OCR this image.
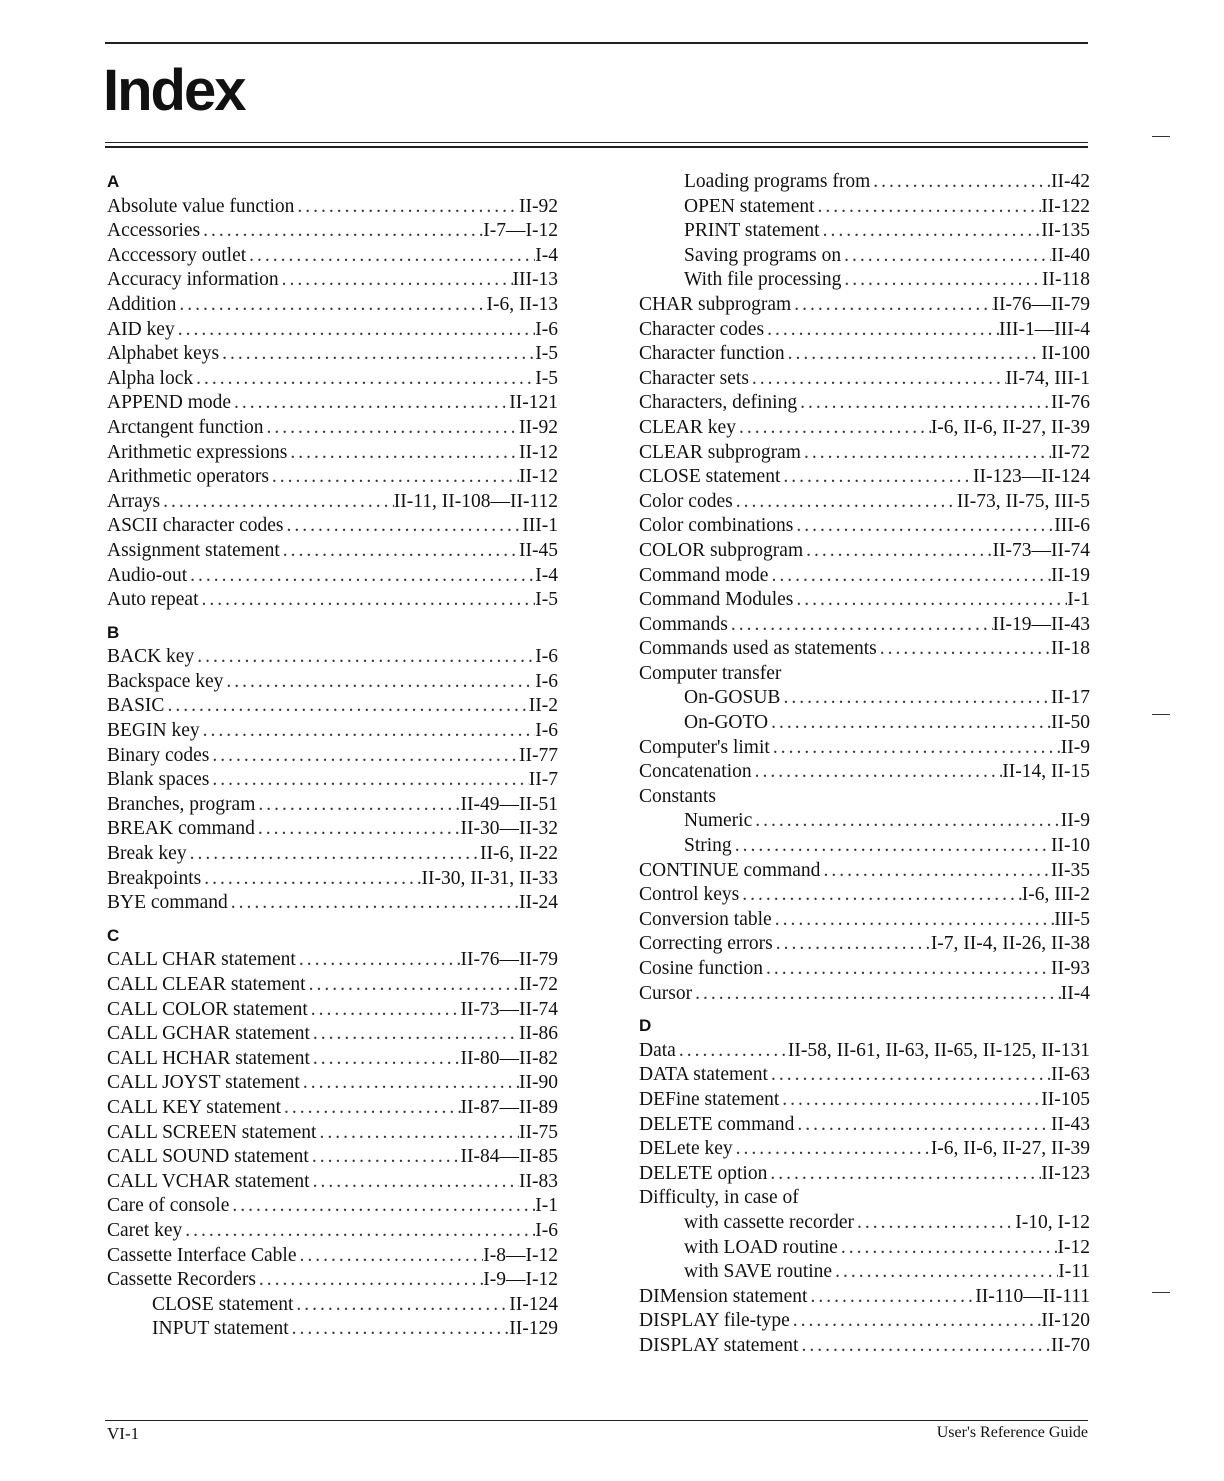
Index
A
Absolute value function .....	II-92
Accessories .....	I-7—I-12
Acccessory outlet .....	I-4
Accuracy information .....	III-13
Addition .....	I-6, II-13
AID key .....	I-6
Alphabet keys .....	I-5
Alpha lock .....	I-5
APPEND mode .....	II-121
Arctangent function .....	II-92
Arithmetic expressions .....	II-12
Arithmetic operators .....	II-12
Arrays .....	II-11, II-108—II-112
ASCII character codes .....	III-1
Assignment statement .....	II-45
Audio-out .....	I-4
Auto repeat .....	I-5
B
BACK key .....	I-6
Backspace key .....	I-6
BASIC .....	II-2
BEGIN key .....	I-6
Binary codes .....	II-77
Blank spaces .....	II-7
Branches, program .....	II-49—II-51
BREAK command .....	II-30—II-32
Break key .....	II-6, II-22
Breakpoints .....	II-30, II-31, II-33
BYE command .....	II-24
C
CALL CHAR statement .....	II-76—II-79
CALL CLEAR statement .....	II-72
CALL COLOR statement .....	II-73—II-74
CALL GCHAR statement .....	II-86
CALL HCHAR statement .....	II-80—II-82
CALL JOYST statement .....	II-90
CALL KEY statement .....	II-87—II-89
CALL SCREEN statement .....	II-75
CALL SOUND statement .....	II-84—II-85
CALL VCHAR statement .....	II-83
Care of console .....	I-1
Caret key .....	I-6
Cassette Interface Cable .....	I-8—I-12
Cassette Recorders .....	I-9—I-12
CLOSE statement .....	II-124
INPUT statement .....	II-129
Loading programs from .....	II-42
OPEN statement .....	II-122
PRINT statement .....	II-135
Saving programs on .....	II-40
With file processing .....	II-118
CHAR subprogram .....	II-76—II-79
Character codes .....	III-1—III-4
Character function .....	II-100
Character sets .....	II-74, III-1
Characters, defining .....	II-76
CLEAR key .....	I-6, II-6, II-27, II-39
CLEAR subprogram .....	II-72
CLOSE statement .....	II-123—II-124
Color codes .....	II-73, II-75, III-5
Color combinations .....	III-6
COLOR subprogram .....	II-73—II-74
Command mode .....	II-19
Command Modules .....	I-1
Commands .....	II-19—II-43
Commands used as statements .....	II-18
Computer transfer
On-GOSUB .....	II-17
On-GOTO .....	II-50
Computer's limit .....	II-9
Concatenation .....	II-14, II-15
Constants
Numeric .....	II-9
String .....	II-10
CONTINUE command .....	II-35
Control keys .....	I-6, III-2
Conversion table .....	III-5
Correcting errors .....	I-7, II-4, II-26, II-38
Cosine function .....	II-93
Cursor .....	II-4
D
Data .....	II-58, II-61, II-63, II-65, II-125, II-131
DATA statement .....	II-63
DEFine statement .....	II-105
DELETE command .....	II-43
DELete key .....	I-6, II-6, II-27, II-39
DELETE option .....	II-123
Difficulty, in case of
with cassette recorder .....	I-10, I-12
with LOAD routine .....	I-12
with SAVE routine .....	I-11
DIMension statement .....	II-110—II-111
DISPLAY file-type .....	II-120
DISPLAY statement .....	II-70
VI-1	User's Reference Guide
